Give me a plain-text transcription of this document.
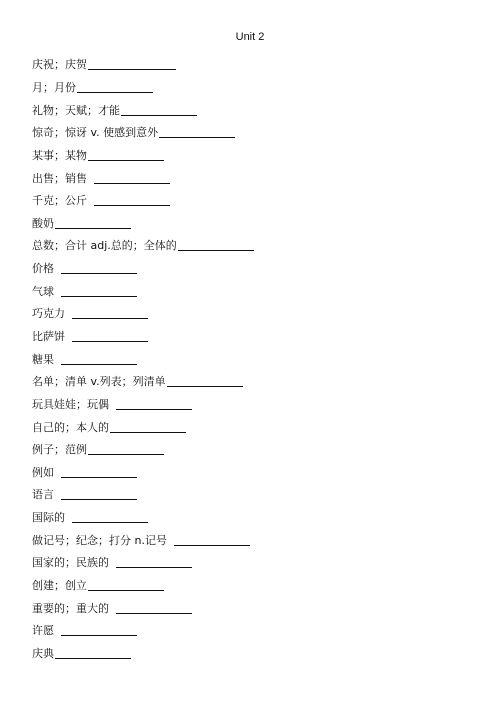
Unit 2
庆祝；庆贺
月；月份
礼物；天赋；才能
惊奇；惊讶 v. 使感到意外
某事；某物
出售；销售
千克；公斤
酸奶
总数；合计 adj.总的；全体的
价格
气球
巧克力
比萨饼
糖果
名单；清单 v.列表；列清单
玩具娃娃；玩偶
自己的；本人的
例子；范例
例如
语言
国际的
做记号；纪念；打分 n.记号
国家的；民族的
创建；创立
重要的；重大的
许愿
庆典
